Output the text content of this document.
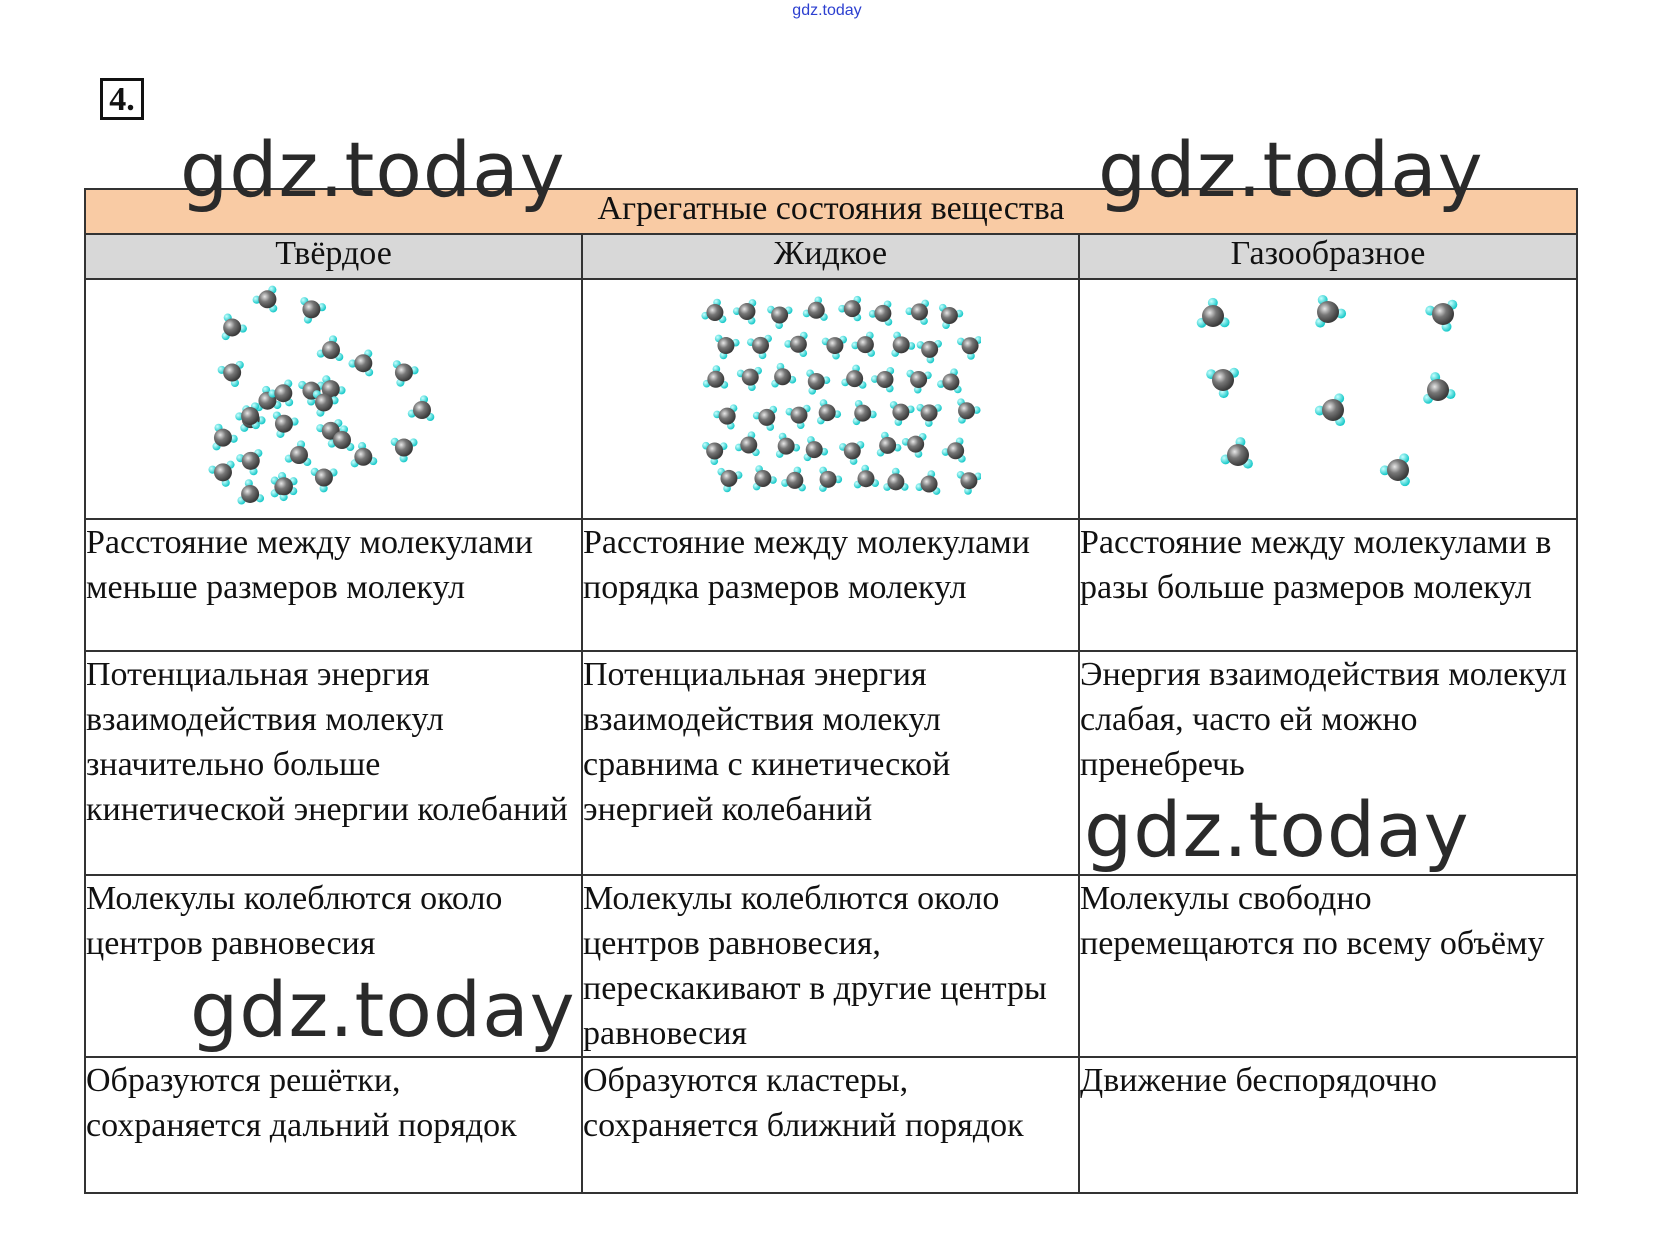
gdz.today
4.
Агрегатные состояния вещества		
Твёрдое	Жидкое	Газообразное

Расстояние между молекулами меньше размеров молекул	Расстояние между молекулами порядка размеров молекул	Расстояние между молекулами в разы больше размеров молекул
Потенциальная энергия взаимодействия молекул значительно больше кинетической энергии колебаний	Потенциальная энергия взаимодействия молекул сравнима с кинетической энергией колебаний	Энергия взаимодействия молекул слабая, часто ей можно пренебречь
Молекулы колеблются около центров равновесия	Молекулы колеблются около центров равновесия, перескакивают в другие центры равновесия	Молекулы свободно перемещаются по всему объёму
Образуются решётки, сохраняется дальний порядок	Образуются кластеры, сохраняется ближний порядок	Движение беспорядочно
gdz.today	gdz.today
gdz.today
gdz.today
